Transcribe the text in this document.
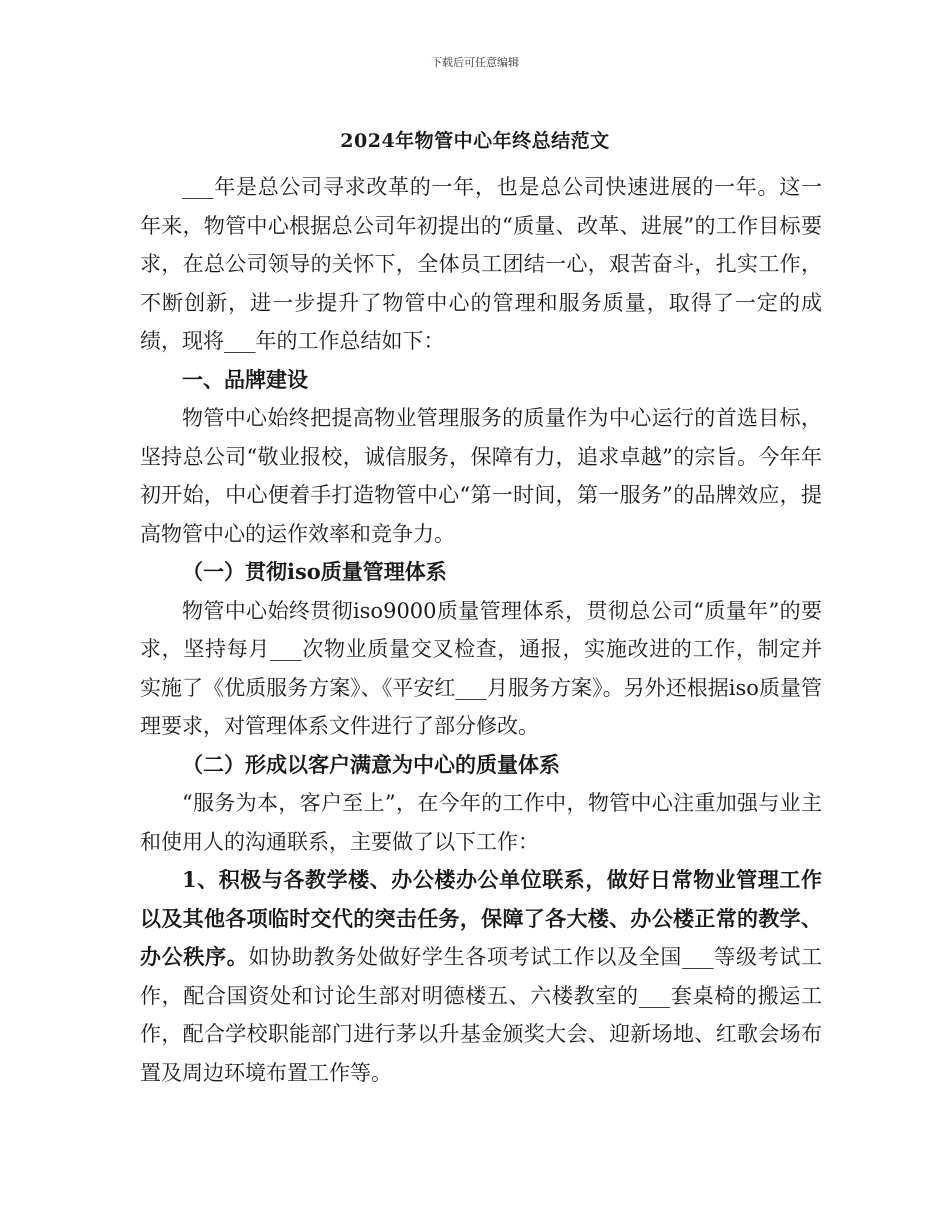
下载后可任意编辑
2024年物管中心年终总结范文

___年是总公司寻求改革的一年，也是总公司快速进展的一年。这一年来，物管中心根据总公司年初提出的“质量、改革、进展”的工作目标要求，在总公司领导的关怀下，全体员工团结一心，艰苦奋斗，扎实工作，不断创新，进一步提升了物管中心的管理和服务质量，取得了一定的成绩，现将___年的工作总结如下：

一、品牌建设

物管中心始终把提高物业管理服务的质量作为中心运行的首选目标，坚持总公司“敬业报校，诚信服务，保障有力，追求卓越”的宗旨。今年年初开始，中心便着手打造物管中心“第一时间，第一服务”的品牌效应，提高物管中心的运作效率和竞争力。

（一）贯彻iso质量管理体系

物管中心始终贯彻iso9000质量管理体系，贯彻总公司“质量年”的要求，坚持每月___次物业质量交叉检查，通报，实施改进的工作，制定并实施了《优质服务方案》、《平安红___月服务方案》。另外还根据iso质量管理要求，对管理体系文件进行了部分修改。

（二）形成以客户满意为中心的质量体系

“服务为本，客户至上”，在今年的工作中，物管中心注重加强与业主和使用人的沟通联系，主要做了以下工作：

1、积极与各教学楼、办公楼办公单位联系，做好日常物业管理工作以及其他各项临时交代的突击任务，保障了各大楼、办公楼正常的教学、办公秩序。如协助教务处做好学生各项考试工作以及全国___等级考试工作，配合国资处和讨论生部对明德楼五、六楼教室的___套桌椅的搬运工作，配合学校职能部门进行茅以升基金颁奖大会、迎新场地、红歌会场布置及周边环境布置工作等。
